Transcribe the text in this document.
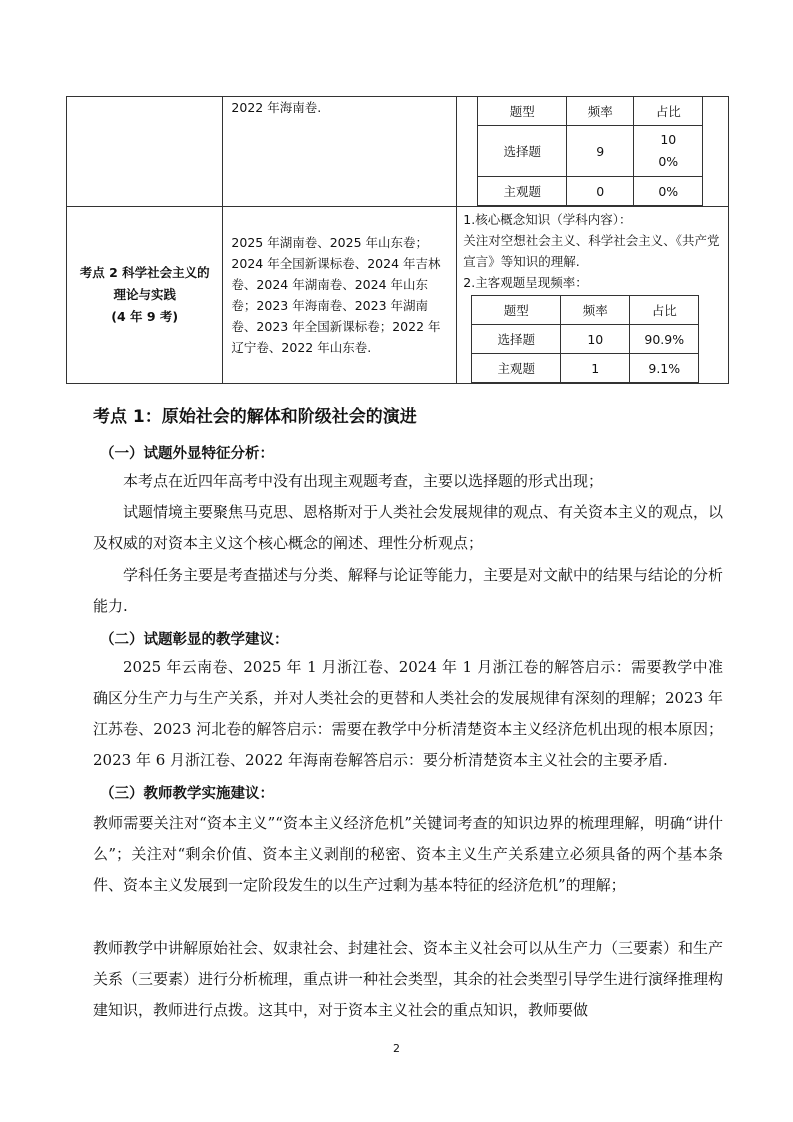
2022 年海南卷.
		题型	频率	占比
选择题	9	100%
主观题	0	0%

考点 2 科学社会主义的
理论与实践
(4 年 9 考)

2025 年湖南卷、2025 年山东卷；2024 年全国新课标卷、2024 年吉林卷、2024 年湖南卷、2024 年山东卷；2023 年海南卷、2023 年湖南卷、2023 年全国新课标卷；2022 年辽宁卷、2022 年山东卷.

1.核心概念知识（学科内容）：
关注对空想社会主义、科学社会主义、《共产党宣言》等知识的理解.
2.主客观题呈现频率：
题型	频率	占比
选择题	10	90.9%
主观题	1	9.1%
考点 1：原始社会的解体和阶级社会的演进
（一）试题外显特征分析：

本考点在近四年高考中没有出现主观题考查，主要以选择题的形式出现；

试题情境主要聚焦马克思、恩格斯对于人类社会发展规律的观点、有关资本主义的观点，以及权威的对资本主义这个核心概念的阐述、理性分析观点；

学科任务主要是考查描述与分类、解释与论证等能力，主要是对文献中的结果与结论的分析能力.

（二）试题彰显的教学建议：

2025 年云南卷、2025 年 1 月浙江卷、2024 年 1 月浙江卷的解答启示：需要教学中准确区分生产力与生产关系，并对人类社会的更替和人类社会的发展规律有深刻的理解；2023 年江苏卷、2023 河北卷的解答启示：需要在教学中分析清楚资本主义经济危机出现的根本原因；2023 年 6 月浙江卷、2022 年海南卷解答启示：要分析清楚资本主义社会的主要矛盾.

（三）教师教学实施建议：

教师需要关注对“资本主义”“资本主义经济危机”关键词考查的知识边界的梳理理解，明确“讲什么”；关注对“剩余价值、资本主义剥削的秘密、资本主义生产关系建立必须具备的两个基本条件、资本主义发展到一定阶段发生的以生产过剩为基本特征的经济危机”的理解；

教师教学中讲解原始社会、奴隶社会、封建社会、资本主义社会可以从生产力（三要素）和生产关系（三要素）进行分析梳理，重点讲一种社会类型，其余的社会类型引导学生进行演绎推理构建知识，教师进行点拨。这其中，对于资本主义社会的重点知识，教师要做

2
